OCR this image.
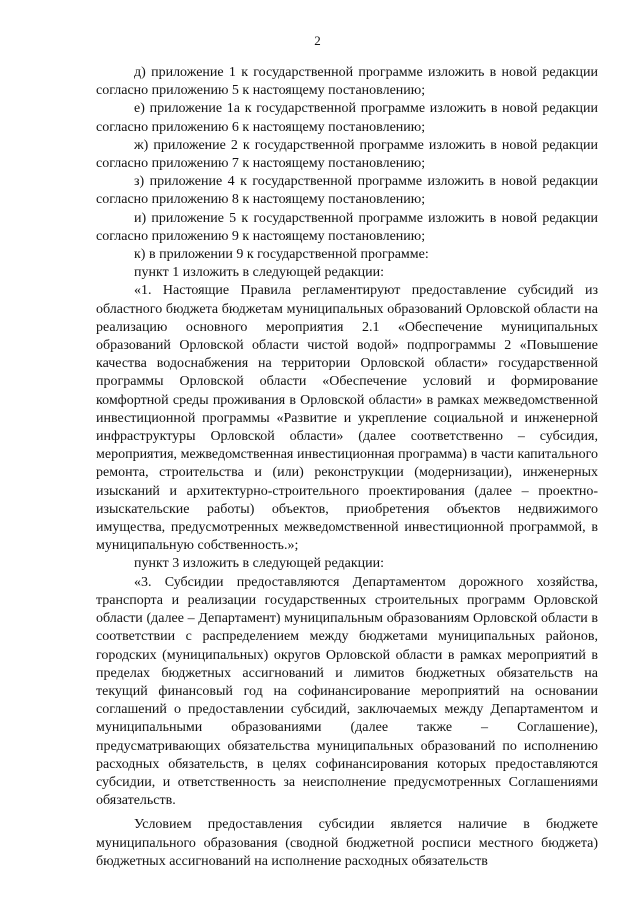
2

д) приложение 1 к государственной программе изложить в новой редакции согласно приложению 5 к настоящему постановлению;

е) приложение 1а к государственной программе изложить в новой редакции согласно приложению 6 к настоящему постановлению;

ж) приложение 2 к государственной программе изложить в новой редакции согласно приложению 7 к настоящему постановлению;

з) приложение 4 к государственной программе изложить в новой редакции согласно приложению 8 к настоящему постановлению;

и) приложение 5 к государственной программе изложить в новой редакции согласно приложению 9 к настоящему постановлению;

к) в приложении 9 к государственной программе:

пункт 1 изложить в следующей редакции:

«1. Настоящие Правила регламентируют предоставление субсидий из областного бюджета бюджетам муниципальных образований Орловской области на реализацию основного мероприятия 2.1 «Обеспечение муниципальных образований Орловской области чистой водой» подпрограммы 2 «Повышение качества водоснабжения на территории Орловской области» государственной программы Орловской области «Обеспечение условий и формирование комфортной среды проживания в Орловской области» в рамках межведомственной инвестиционной программы «Развитие и укрепление социальной и инженерной инфраструктуры Орловской области» (далее соответственно – субсидия, мероприятия, межведомственная инвестиционная программа) в части капитального ремонта, строительства и (или) реконструкции (модернизации), инженерных изысканий и архитектурно-строительного проектирования (далее – проектно-изыскательские работы) объектов, приобретения объектов недвижимого имущества, предусмотренных межведомственной инвестиционной программой, в муниципальную собственность.»;

пункт 3 изложить в следующей редакции:

«3. Субсидии предоставляются Департаментом дорожного хозяйства, транспорта и реализации государственных строительных программ Орловской области (далее – Департамент) муниципальным образованиям Орловской области в соответствии с распределением между бюджетами муниципальных районов, городских (муниципальных) округов Орловской области в рамках мероприятий в пределах бюджетных ассигнований и лимитов бюджетных обязательств на текущий финансовый год на софинансирование мероприятий на основании соглашений о предоставлении субсидий, заключаемых между Департаментом и муниципальными образованиями (далее также – Соглашение), предусматривающих обязательства муниципальных образований по исполнению расходных обязательств, в целях софинансирования которых предоставляются субсидии, и ответственность за неисполнение предусмотренных Соглашениями обязательств.

Условием предоставления субсидии является наличие в бюджете муниципального образования (сводной бюджетной росписи местного бюджета) бюджетных ассигнований на исполнение расходных обязательств
